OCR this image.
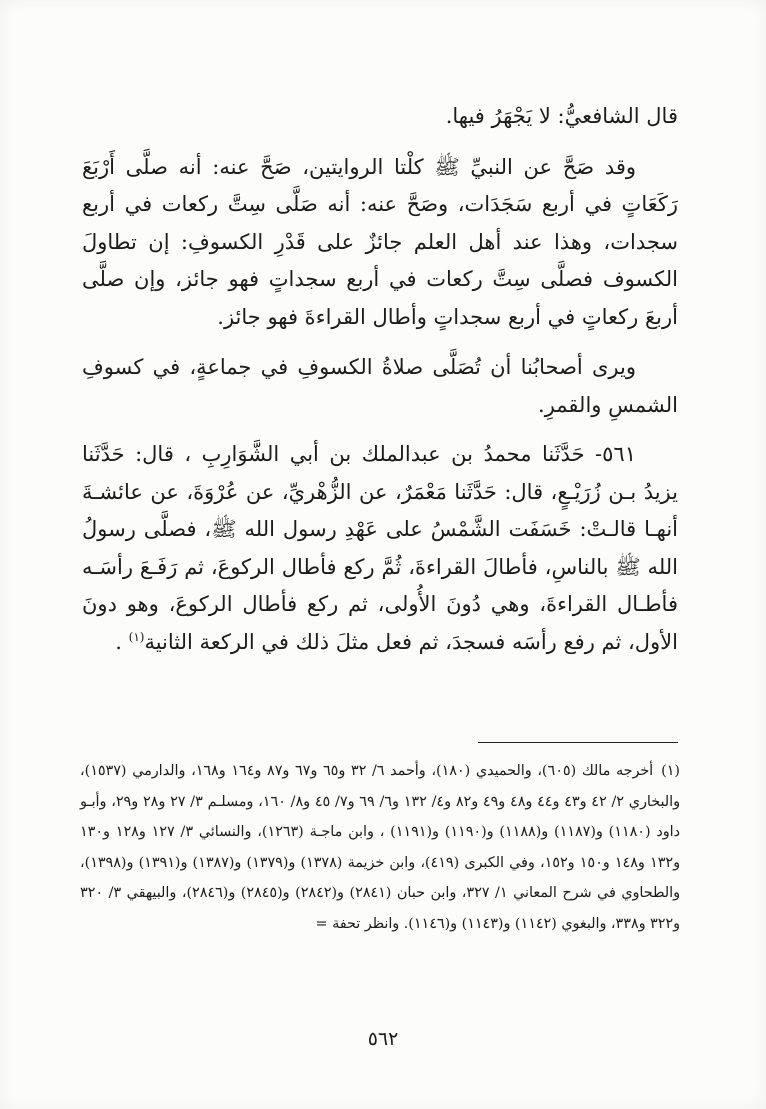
قال الشافعيُّ: لا يَجْهَرُ فيها.

وقد صَحَّ عن النبيِّ ﷺ كلْتا الروايتين، صَحَّ عنه: أنه صلَّى أَرْبَعَ رَكَعَاتٍ في أربع سَجَدَات، وصَحَّ عنه: أنه صَلَّى سِتَّ ركعات في أربع سجدات، وهذا عند أهل العلم جائزٌ على قَدْرِ الكسوفِ: إن تطاولَ الكسوف فصلَّى سِتَّ ركعات في أربع سجداتٍ فهو جائز، وإن صلَّى أربعَ ركعاتٍ في أربع سجداتٍ وأطال القراءةَ فهو جائز.

ويرى أصحابُنا أن تُصَلَّى صلاةُ الكسوفِ في جماعةٍ، في كسوفِ الشمسِ والقمرِ.

٥٦١- حَدَّثَنا محمدُ بن عبدالملك بن أبي الشَّوَارِبِ ، قال: حَدَّثَنا يزيدُ بـن زُرَيْـعٍ، قال: حَدَّثَنا مَعْمَرٌ، عن الزُّهْريِّ، عن عُرْوَةَ، عن عائشـةَ أنهـا قالـتْ: خَسَفَت الشَّمْسُ على عَهْدِ رسول الله ﷺ، فصلَّى رسولُ الله ﷺ بالناسِ، فأطالَ القراءةَ، ثُمَّ ركع فأطال الركوعَ، ثم رَفَـعَ رأسَـه فأطـال القراءةَ، وهي دُونَ الأُولى، ثم ركع فأطال الركوعَ، وهو دونَ الأول، ثم رفع رأسَه فسجدَ، ثم فعل مثلَ ذلك في الركعة الثانية$^{(١)}$ .

(١)أخرجه مالك (٦٠٥)، والحميدي (١٨٠)، وأحمد ٦/ ٣٢ و٦٥ و٦٧ و٨٧ و١٦٤ و١٦٨، والدارمي (١٥٣٧)، والبخاري ٢/ ٤٢ و٤٣ و٤٤ و٤٨ و٤٩ و٨٢ و٤/ ١٣٢ و٦/ ٦٩ و٧/ ٤٥ و٨/ ١٦٠، ومسلـم ٣/ ٢٧ و٢٨ و٢٩، وأبـو داود (١١٨٠) و(١١٨٧) و(١١٨٨) و(١١٩٠) و(١١٩١) ، وابن ماجـة (١٢٦٣)، والنسائي ٣/ ١٢٧ و١٢٨ و١٣٠ و١٣٢ و١٤٨ و١٥٠ و١٥٢، وفي الكبرى (٤١٩)، وابن خزيمة (١٣٧٨) و(١٣٧٩) و(١٣٨٧) و(١٣٩١) و(١٣٩٨)، والطحاوي في شرح المعاني ١/ ٣٢٧، وابن حبان (٢٨٤١) و(٢٨٤٢) و(٢٨٤٥) و(٢٨٤٦)، والبيهقي ٣/ ٣٢٠ و٣٢٢ و٣٣٨، والبغوي (١١٤٢) و(١١٤٣) و(١١٤٦). وانظر تحفة =

٥٦٢
